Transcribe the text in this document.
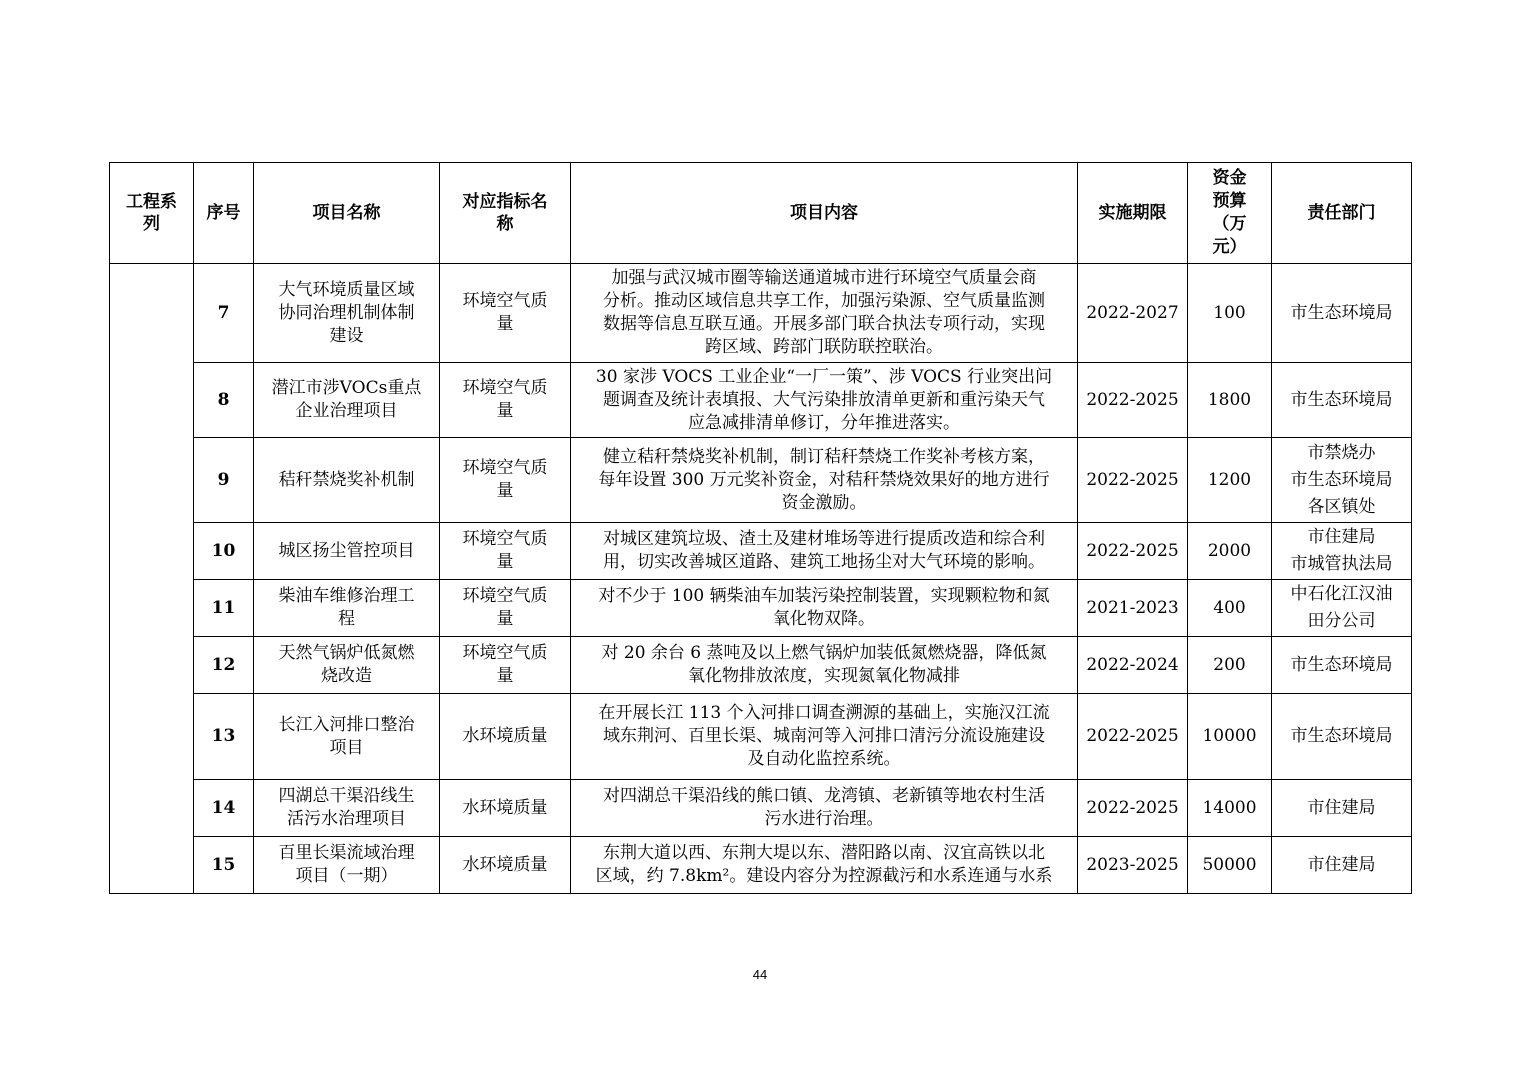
工程系
列	序号	项目名称	对应指标名
称	项目内容	实施期限	资金
预算
（万
元）	责任部门
	7	大气环境质量区域
协同治理机制体制
建设	环境空气质
量	加强与武汉城市圈等输送通道城市进行环境空气质量会商
分析。推动区域信息共享工作，加强污染源、空气质量监测
数据等信息互联互通。开展多部门联合执法专项行动，实现
跨区域、跨部门联防联控联治。	2022-2027	100	市生态环境局
	8	潜江市涉VOCs重点
企业治理项目	环境空气质
量	30 家涉 VOCS 工业企业“一厂一策”、涉 VOCS 行业突出问
题调查及统计表填报、大气污染排放清单更新和重污染天气
应急减排清单修订，分年推进落实。	2022-2025	1800	市生态环境局
	9	秸秆禁烧奖补机制	环境空气质
量	健立秸秆禁烧奖补机制，制订秸秆禁烧工作奖补考核方案，
每年设置 300 万元奖补资金，对秸秆禁烧效果好的地方进行
资金激励。	2022-2025	1200	市禁烧办
市生态环境局
各区镇处

	10	城区扬尘管控项目	环境空气质
量	对城区建筑垃圾、渣土及建材堆场等进行提质改造和综合利
用，切实改善城区道路、建筑工地扬尘对大气环境的影响。	2022-2025	2000	市住建局
市城管执法局

	11	柴油车维修治理工
程	环境空气质
量	对不少于 100 辆柴油车加装污染控制装置，实现颗粒物和氮
氧化物双降。	2021-2023	400	中石化江汉油
田分公司

	12	天然气锅炉低氮燃
烧改造	环境空气质
量	对 20 余台 6 蒸吨及以上燃气锅炉加装低氮燃烧器，降低氮
氧化物排放浓度，实现氮氧化物减排	2022-2024	200	市生态环境局
	13	长江入河排口整治
项目	水环境质量	在开展长江 113 个入河排口调查溯源的基础上，实施汉江流
域东荆河、百里长渠、城南河等入河排口清污分流设施建设
及自动化监控系统。	2022-2025	10000	市生态环境局
	14	四湖总干渠沿线生
活污水治理项目	水环境质量	对四湖总干渠沿线的熊口镇、龙湾镇、老新镇等地农村生活
污水进行治理。	2022-2025	14000	市住建局
	15	百里长渠流域治理
项目（一期）	水环境质量	东荆大道以西、东荆大堤以东、潜阳路以南、汉宜高铁以北
区域，约 7.8km²。建设内容分为控源截污和水系连通与水系	2023-2025	50000	市住建局
44
